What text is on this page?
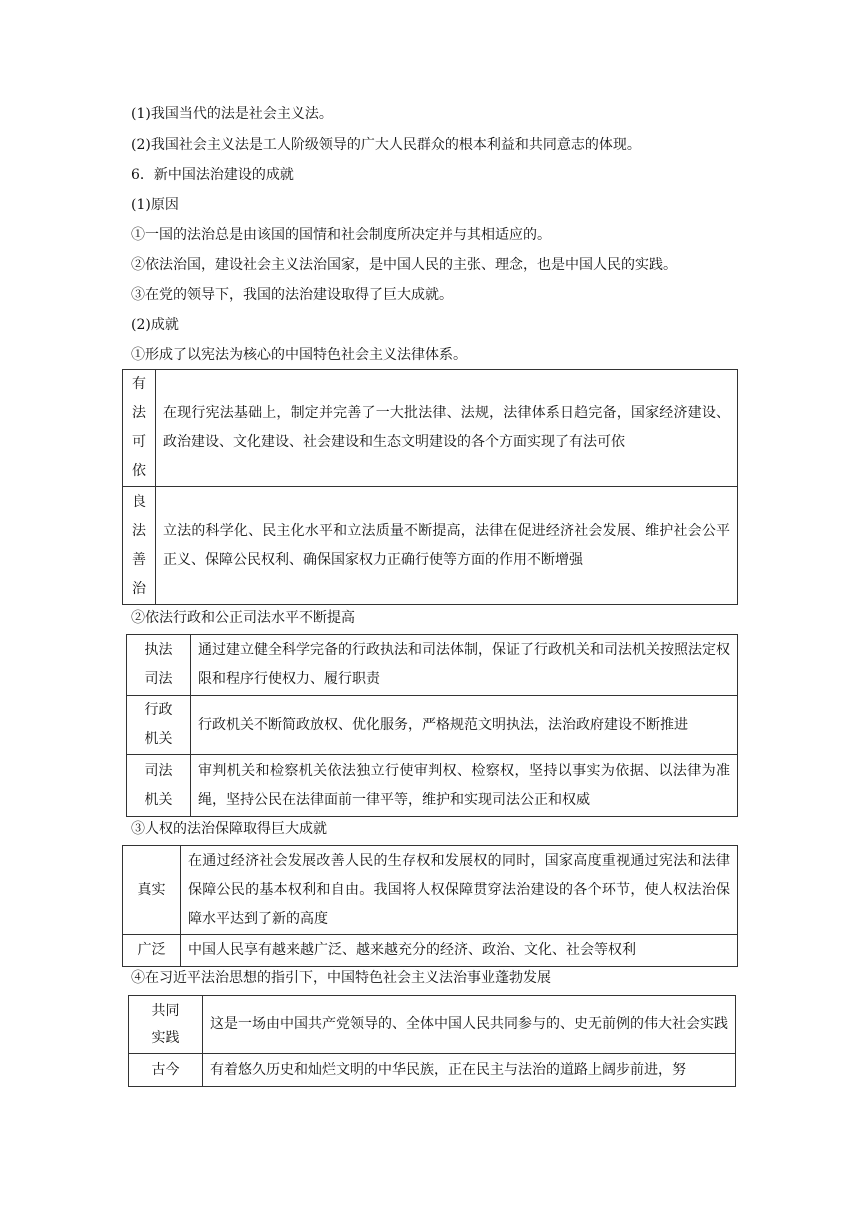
(1)我国当代的法是社会主义法。
(2)我国社会主义法是工人阶级领导的广大人民群众的根本利益和共同意志的体现。
6．新中国法治建设的成就
(1)原因
①一国的法治总是由该国的国情和社会制度所决定并与其相适应的。
②依法治国，建设社会主义法治国家，是中国人民的主张、理念，也是中国人民的实践。
③在党的领导下，我国的法治建设取得了巨大成就。
(2)成就
①形成了以宪法为核心的中国特色社会主义法律体系。
有
法
可
依	在现行宪法基础上，制定并完善了一大批法律、法规，法律体系日趋完备，国家经济建设、政治建设、文化建设、社会建设和生态文明建设的各个方面实现了有法可依

良
法
善
治	立法的科学化、民主化水平和立法质量不断提高，法律在促进经济社会发展、维护社会公平正义、保障公民权利、确保国家权力正确行使等方面的作用不断增强
②依法行政和公正司法水平不断提高
执法
司法	通过建立健全科学完备的行政执法和司法体制，保证了行政机关和司法机关按照法定权限和程序行使权力、履行职责

行政
机关	行政机关不断简政放权、优化服务，严格规范文明执法，法治政府建设不断推进

司法
机关	审判机关和检察机关依法独立行使审判权、检察权，坚持以事实为依据、以法律为准绳，坚持公民在法律面前一律平等，维护和实现司法公正和权威
③人权的法治保障取得巨大成就
真实	在通过经济社会发展改善人民的生存权和发展权的同时，国家高度重视通过宪法和法律保障公民的基本权利和自由。我国将人权保障贯穿法治建设的各个环节，使人权法治保障水平达到了新的高度
广泛	中国人民享有越来越广泛、越来越充分的经济、政治、文化、社会等权利
④在习近平法治思想的指引下，中国特色社会主义法治事业蓬勃发展
共同
实践	这是一场由中国共产党领导的、全体中国人民共同参与的、史无前例的伟大社会实践
古今	有着悠久历史和灿烂文明的中华民族，正在民主与法治的道路上阔步前进，努
